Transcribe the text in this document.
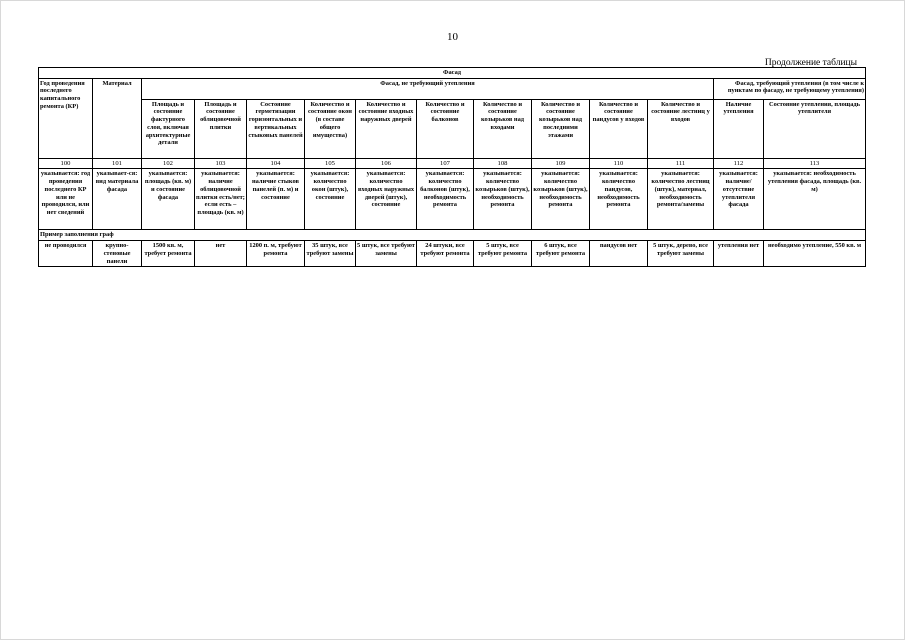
10
Продолжение таблицы
Фасад													
Год проведения последнего капитального ремонта (КР)	Материал	Фасад, не требующий утепления										Фасад, требующий утепления (в том числе к пунктам по фасаду, не требующему утепления)	
		Площадь и состояние фактурного слоя, включая архитектурные детали	Площадь и состояние облицовочной плитки	Состояние герметизации горизонтальных и вертикальных стыковых панелей	Количество и состояние окон (в составе общего имущества)	Количество и состояние входных наружных дверей	Количество и состояние балконов	Количество и состояние козырьков над входами	Количество и состояние козырьков над последними этажами	Количество и состояние пандусов у входов	Количество и состояние лестниц у входов	Наличие утепления	Состояние утепления, площадь утеплителя
100	101	102	103	104	105	106	107	108	109	110	111	112	113
указывается: год проведения последнего КР или не проводился, или нет сведений	указывает-ся: вид материала фасада	указывается: площадь (кв. м) и состояние фасада	указывается: наличие облицовочной плитки есть/нет; если есть – площадь (кв. м)	указывается: наличие стыков панелей (п. м) и состояние	указывается: количество окон (штук), состояние	указывается: количество входных наружных дверей (штук), состояние	указывается: количество балконов (штук), необходимость ремонта	указывается: количество козырьков (штук), необходимость ремонта	указывается: количество козырьков (штук), необходимость ремонта	указывается: количество пандусов, необходимость ремонта	указывается: количество лестниц (штук), материал, необходимость ремонта/замены	указывается: наличие/ отсутствие утеплителя фасада	указывается: необходимость утепления фасада, площадь (кв. м)
Пример заполнения граф													
не проводился	крупно-стеновые панели	1500 кв. м, требует ремонта	нет	1200 п. м, требуют ремонта	35 штук, все требуют замены	5 штук, все требуют замены	24 штуки, все требуют ремонта	5 штук, все требуют ремонта	6 штук, все требуют ремонта	пандусов нет	5 штук, дерево, все требуют замены	утепления нет	необходимо утепление, 550 кв. м
